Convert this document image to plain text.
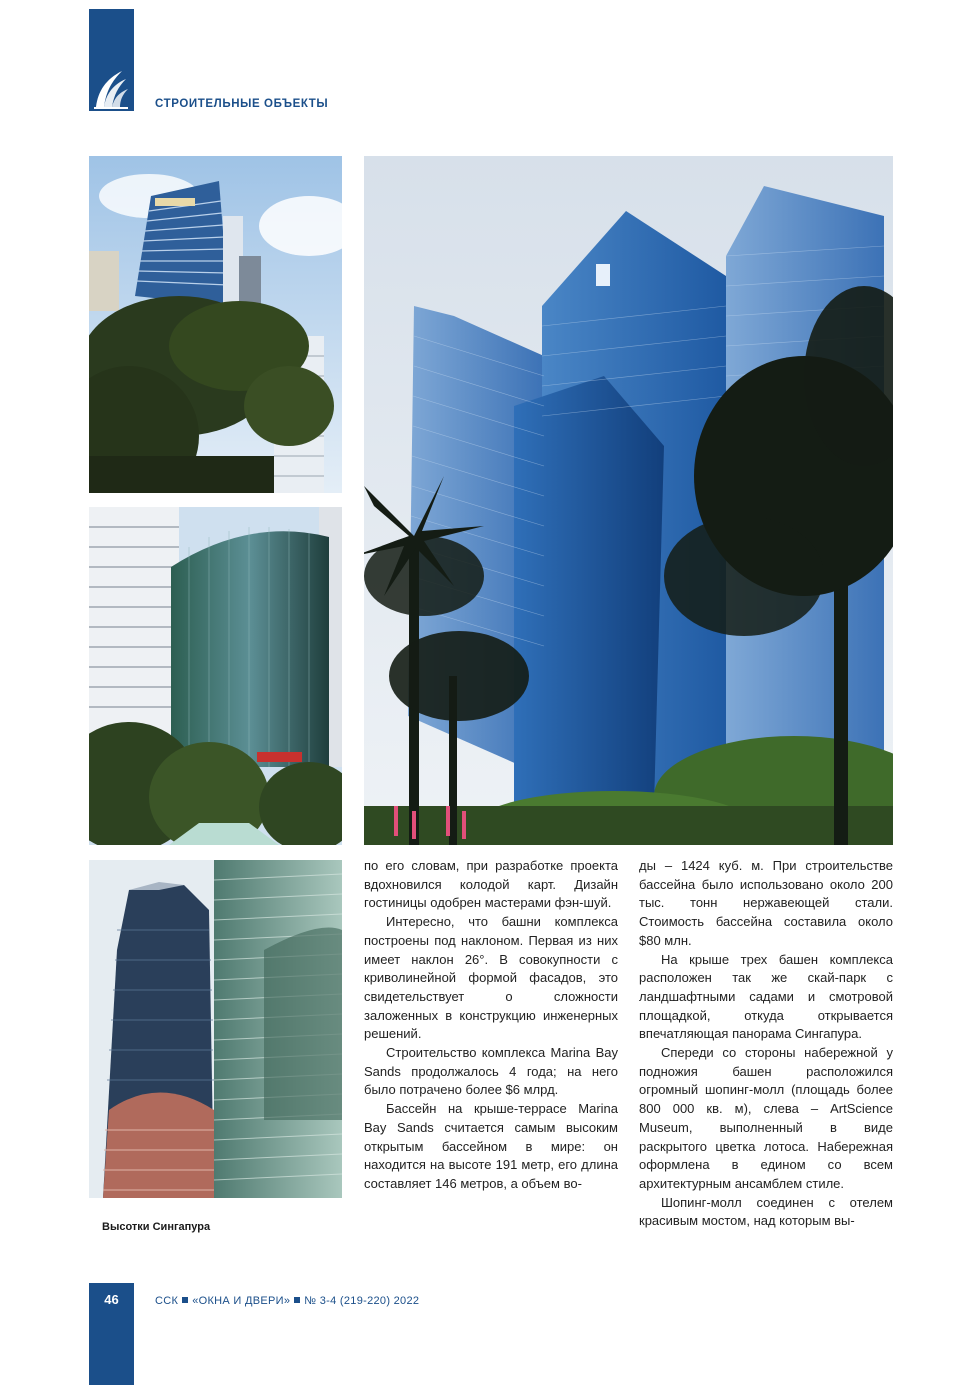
СТРОИТЕЛЬНЫЕ ОБЪЕКТЫ
Высотки Сингапура

по его словам, при разработке проекта вдохновился колодой карт. Дизайн гостиницы одобрен мастерами фэн-шуй.

Интересно, что башни комплекса построены под наклоном. Первая из них имеет наклон 26°. В совокупности с криволинейной формой фасадов, это свидетельствует о сложности заложенных в конструкцию инженерных решений.

Строительство комплекса Marina Bay Sands продолжалось 4 года; на него было потрачено более $6 млрд.

Бассейн на крыше-террасе Marina Bay Sands считается самым высоким открытым бассейном в мире: он находится на высоте 191 метр, его длина составляет 146 метров, а объем во-

ды – 1424 куб. м. При строительстве бассейна было использовано около 200 тыс. тонн нержавеющей стали. Стоимость бассейна составила около $80 млн.

На крыше трех башен комплекса расположен так же скай-парк с ландшафтными садами и смотровой площадкой, откуда открывается впечатляющая панорама Сингапура.

Спереди со стороны набережной у подножия башен расположился огромный шопинг-молл (площадь более 800 000 кв. м), слева – ArtScience Museum, выполненный в виде раскрытого цветка лотоса. Набережная оформлена в едином со всем архитектурным ансамблем стиле.

Шопинг-молл соединен с отелем красивым мостом, над которым вы-

46	ССК «ОКНА И ДВЕРИ» № 3-4 (219-220) 2022
